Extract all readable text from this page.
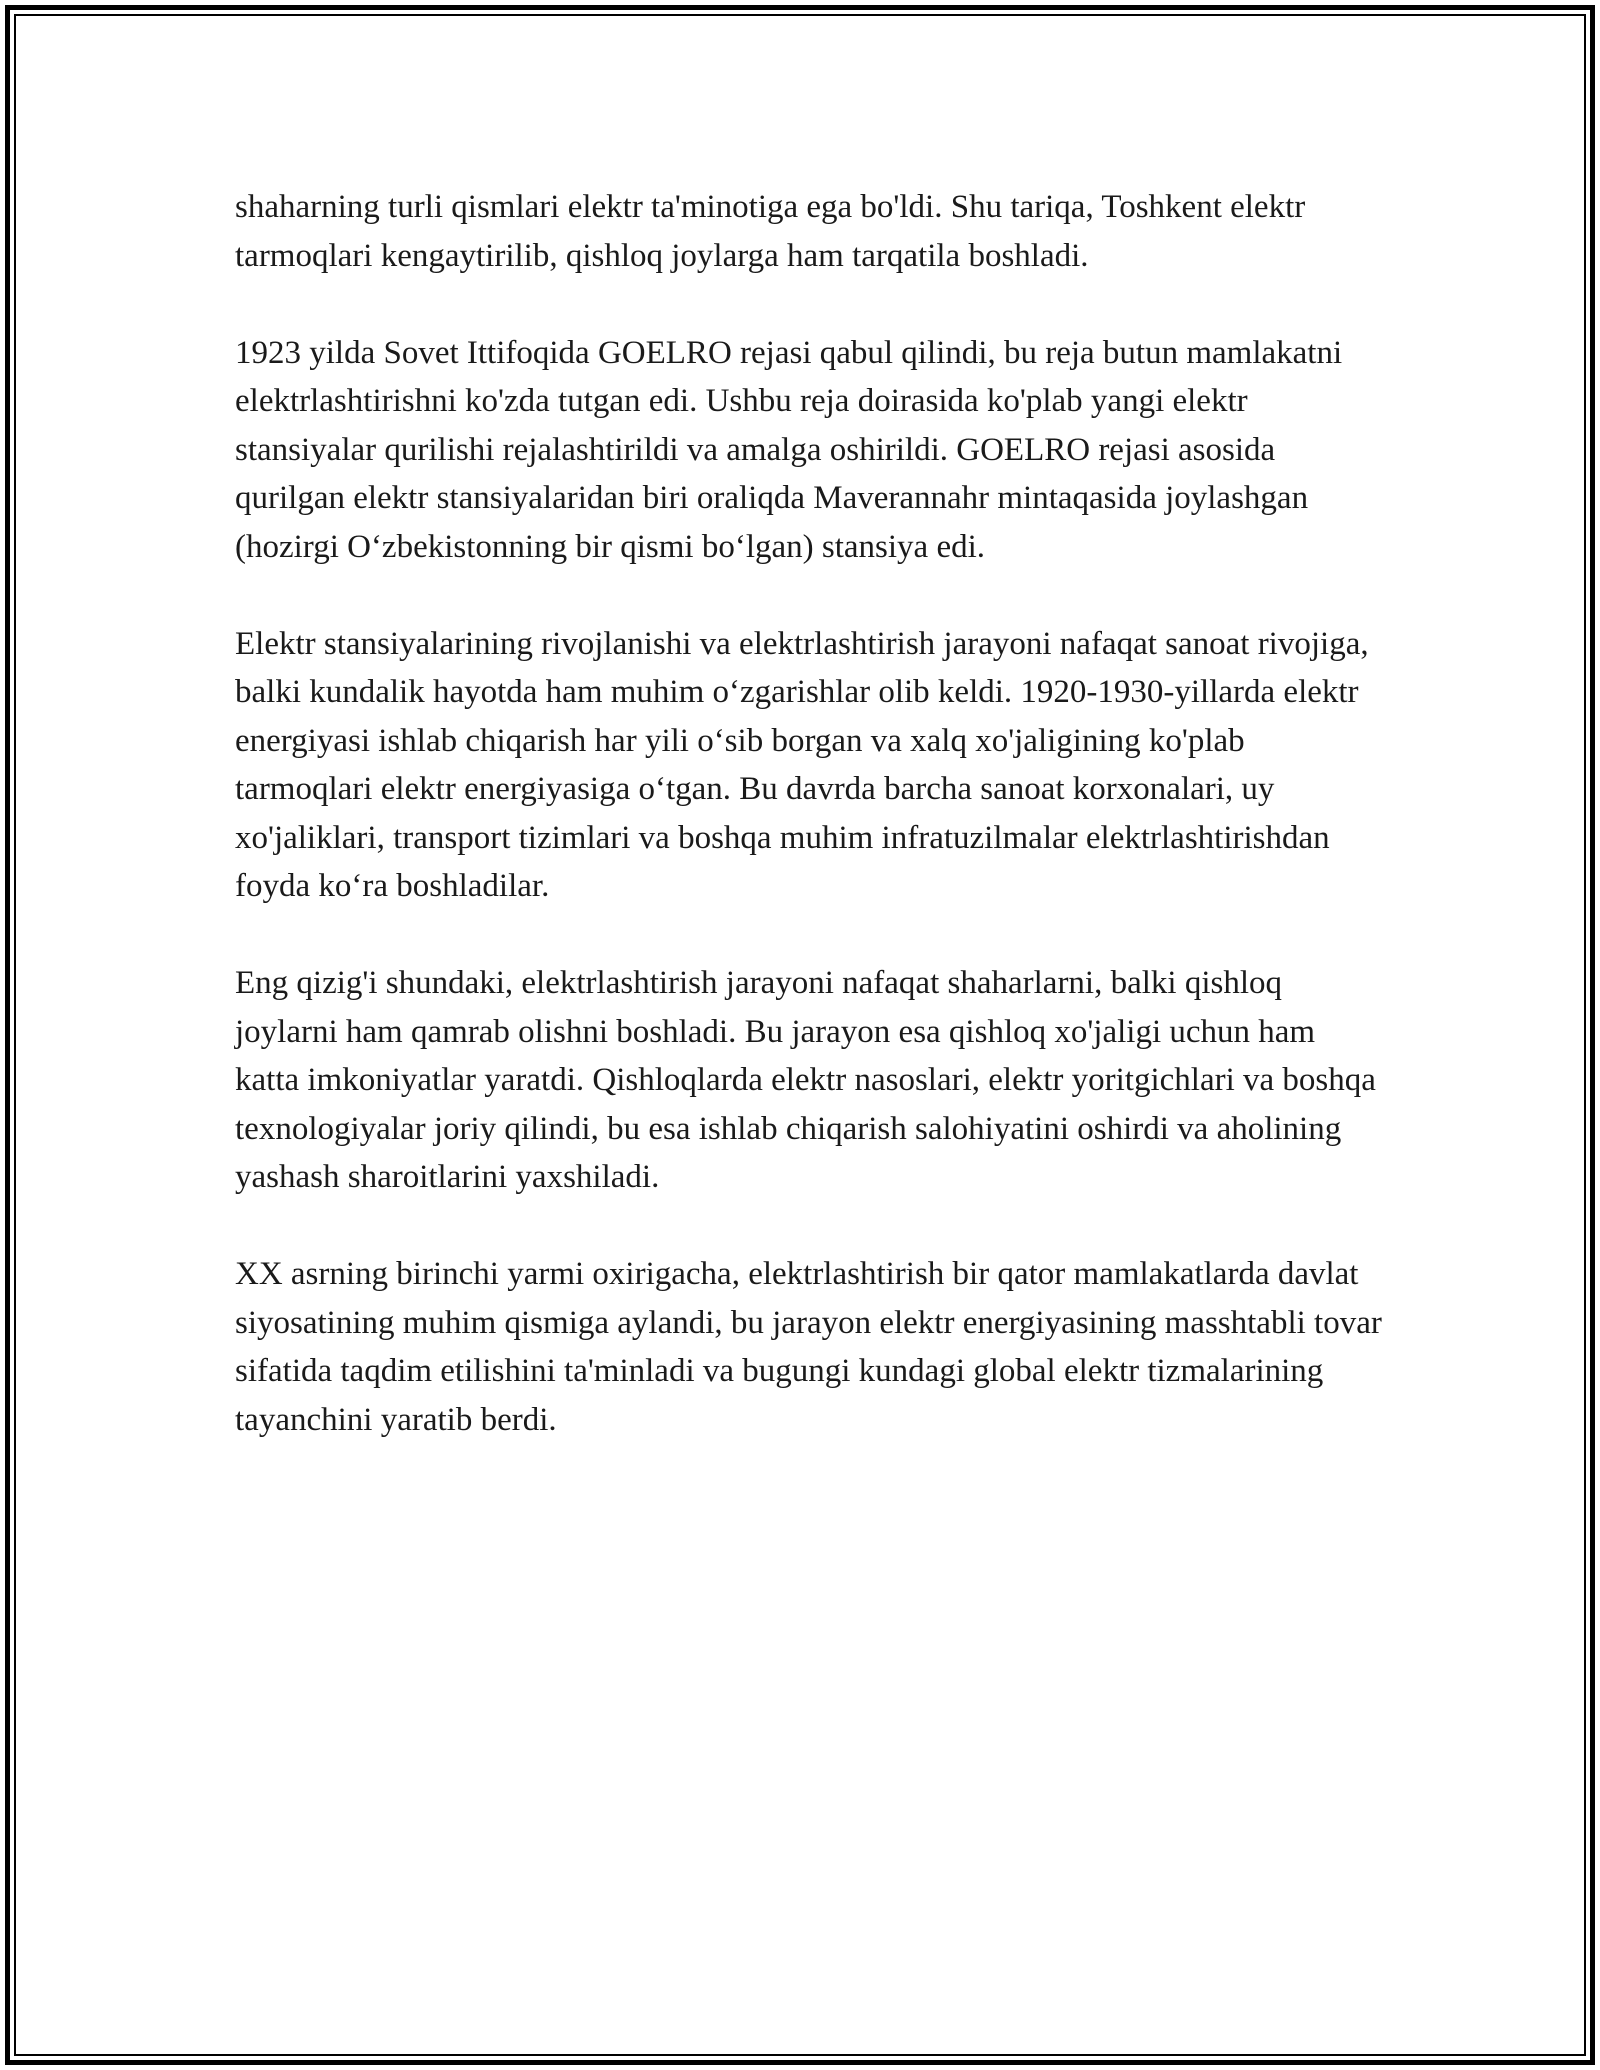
shaharning turli qismlari elektr ta'minotiga ega bo'ldi. Shu tariqa, Toshkent elektr tarmoqlari kengaytirilib, qishloq joylarga ham tarqatila boshladi.

1923 yilda Sovet Ittifoqida GOELRO rejasi qabul qilindi, bu reja butun mamlakatni elektrlashtirishni ko'zda tutgan edi. Ushbu reja doirasida ko'plab yangi elektr stansiyalar qurilishi rejalashtirildi va amalga oshirildi. GOELRO rejasi asosida qurilgan elektr stansiyalaridan biri oraliqda Maverannahr mintaqasida joylashgan (hozirgi O‘zbekistonning bir qismi bo‘lgan) stansiya edi.

Elektr stansiyalarining rivojlanishi va elektrlashtirish jarayoni nafaqat sanoat rivojiga, balki kundalik hayotda ham muhim o‘zgarishlar olib keldi. 1920-1930-yillarda elektr energiyasi ishlab chiqarish har yili o‘sib borgan va xalq xo'jaligining ko'plab tarmoqlari elektr energiyasiga o‘tgan. Bu davrda barcha sanoat korxonalari, uy xo'jaliklari, transport tizimlari va boshqa muhim infratuzilmalar elektrlashtirishdan foyda ko‘ra boshladilar.

Eng qizig'i shundaki, elektrlashtirish jarayoni nafaqat shaharlarni, balki qishloq joylarni ham qamrab olishni boshladi. Bu jarayon esa qishloq xo'jaligi uchun ham katta imkoniyatlar yaratdi. Qishloqlarda elektr nasoslari, elektr yoritgichlari va boshqa texnologiyalar joriy qilindi, bu esa ishlab chiqarish salohiyatini oshirdi va aholining yashash sharoitlarini yaxshiladi.

XX asrning birinchi yarmi oxirigacha, elektrlashtirish bir qator mamlakatlarda davlat siyosatining muhim qismiga aylandi, bu jarayon elektr energiyasining masshtabli tovar sifatida taqdim etilishini ta'minladi va bugungi kundagi global elektr tizmalarining tayanchini yaratib berdi.
